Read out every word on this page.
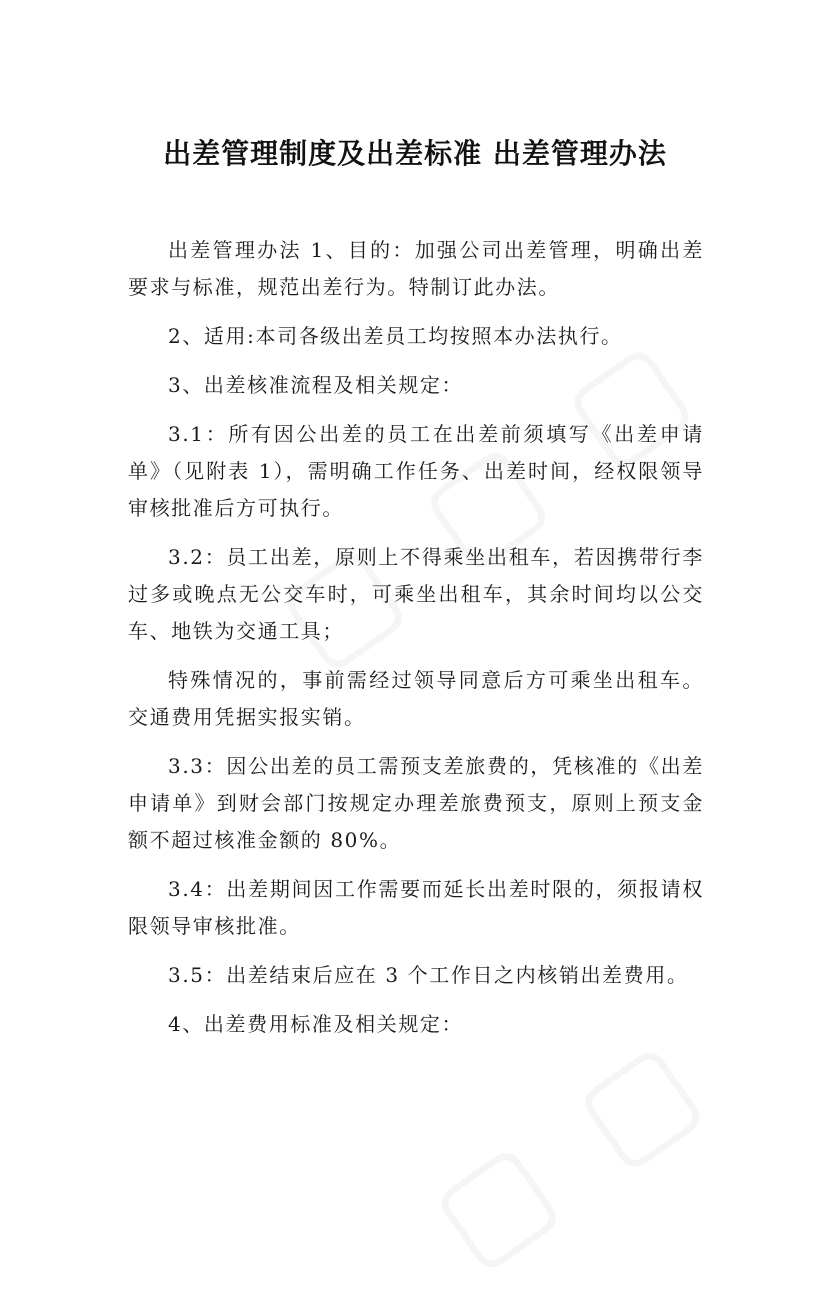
出差管理制度及出差标准 出差管理办法

出差管理办法 1、目的：加强公司出差管理，明确出差要求与标准，规范出差行为。特制订此办法。

2、适用:本司各级出差员工均按照本办法执行。

3、出差核准流程及相关规定：

3.1：所有因公出差的员工在出差前须填写《出差申请单》（见附表 1），需明确工作任务、出差时间，经权限领导审核批准后方可执行。

3.2：员工出差，原则上不得乘坐出租车，若因携带行李过多或晚点无公交车时，可乘坐出租车，其余时间均以公交车、地铁为交通工具；

特殊情况的，事前需经过领导同意后方可乘坐出租车。交通费用凭据实报实销。

3.3：因公出差的员工需预支差旅费的，凭核准的《出差申请单》到财会部门按规定办理差旅费预支，原则上预支金额不超过核准金额的 80%。

3.4：出差期间因工作需要而延长出差时限的，须报请权限领导审核批准。

3.5：出差结束后应在 3 个工作日之内核销出差费用。

4、出差费用标准及相关规定：
